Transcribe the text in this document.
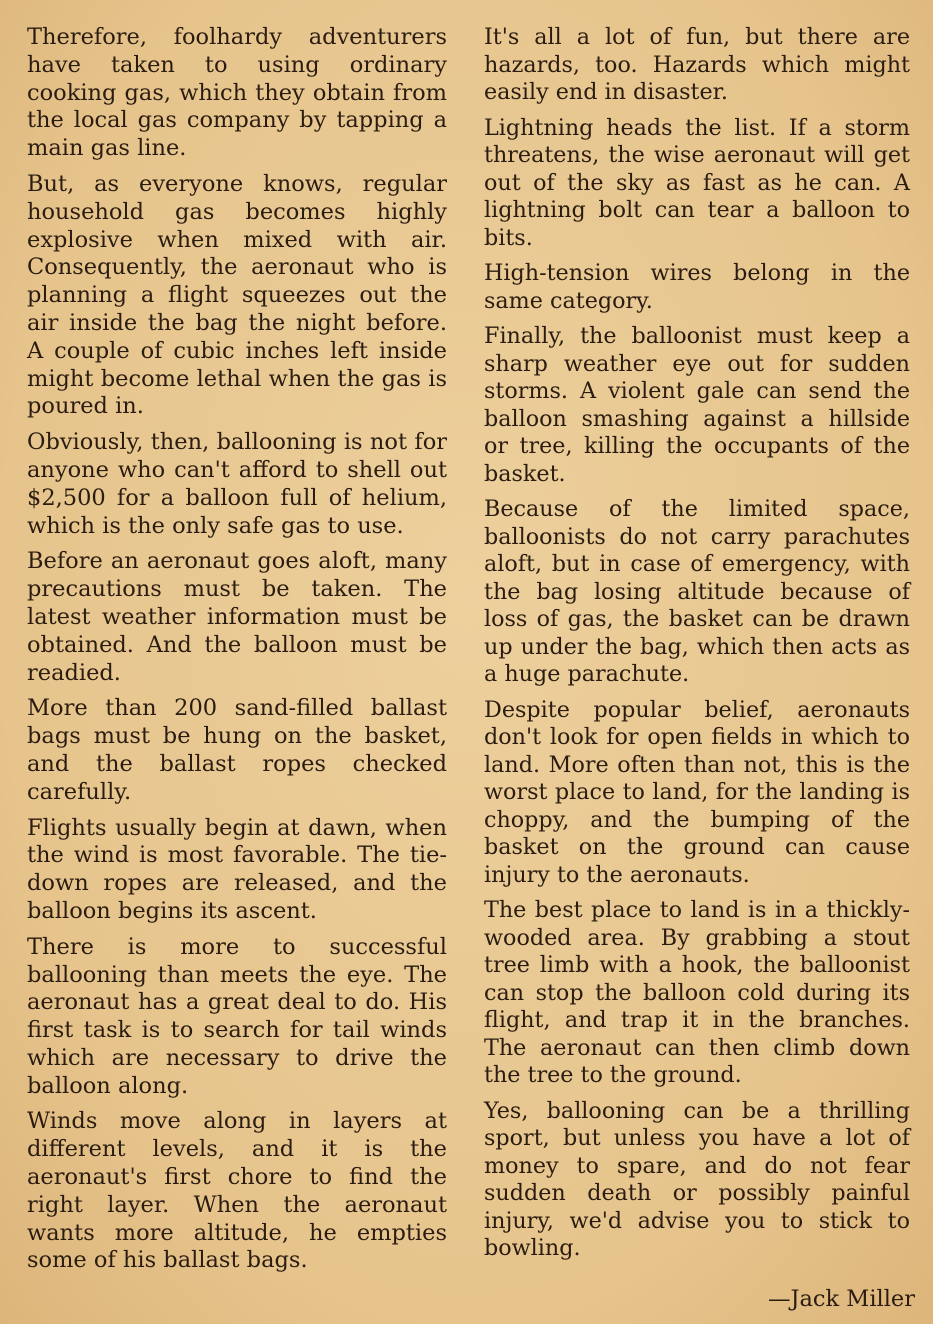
Therefore, foolhardy adventurers have taken to using ordinary cooking gas, which they obtain from the local gas company by tapping a main gas line.

But, as everyone knows, regular household gas becomes highly explosive when mixed with air. Consequently, the aeronaut who is planning a flight squeezes out the air inside the bag the night before. A couple of cubic inches left inside might become lethal when the gas is poured in.

Obviously, then, ballooning is not for anyone who can't afford to shell out $2,500 for a balloon full of helium, which is the only safe gas to use.

Before an aeronaut goes aloft, many precautions must be taken. The latest weather information must be obtained. And the balloon must be readied.

More than 200 sand-filled ballast bags must be hung on the basket, and the ballast ropes checked carefully.

Flights usually begin at dawn, when the wind is most favorable. The tie-down ropes are released, and the balloon begins its ascent.

There is more to successful ballooning than meets the eye. The aeronaut has a great deal to do. His first task is to search for tail winds which are necessary to drive the balloon along.

Winds move along in layers at different levels, and it is the aeronaut's first chore to find the right layer. When the aeronaut wants more altitude, he empties some of his ballast bags.

It's all a lot of fun, but there are hazards, too. Hazards which might easily end in disaster.

Lightning heads the list. If a storm threatens, the wise aeronaut will get out of the sky as fast as he can. A lightning bolt can tear a balloon to bits.

High-tension wires belong in the same category.

Finally, the balloonist must keep a sharp weather eye out for sudden storms. A violent gale can send the balloon smashing against a hillside or tree, killing the occupants of the basket.

Because of the limited space, balloonists do not carry parachutes aloft, but in case of emergency, with the bag losing altitude because of loss of gas, the basket can be drawn up under the bag, which then acts as a huge parachute.

Despite popular belief, aeronauts don't look for open fields in which to land. More often than not, this is the worst place to land, for the landing is choppy, and the bumping of the basket on the ground can cause injury to the aeronauts.

The best place to land is in a thickly-wooded area. By grabbing a stout tree limb with a hook, the balloonist can stop the balloon cold during its flight, and trap it in the branches. The aeronaut can then climb down the tree to the ground.

Yes, ballooning can be a thrilling sport, but unless you have a lot of money to spare, and do not fear sudden death or possibly painful injury, we'd advise you to stick to bowling.

—Jack Miller
